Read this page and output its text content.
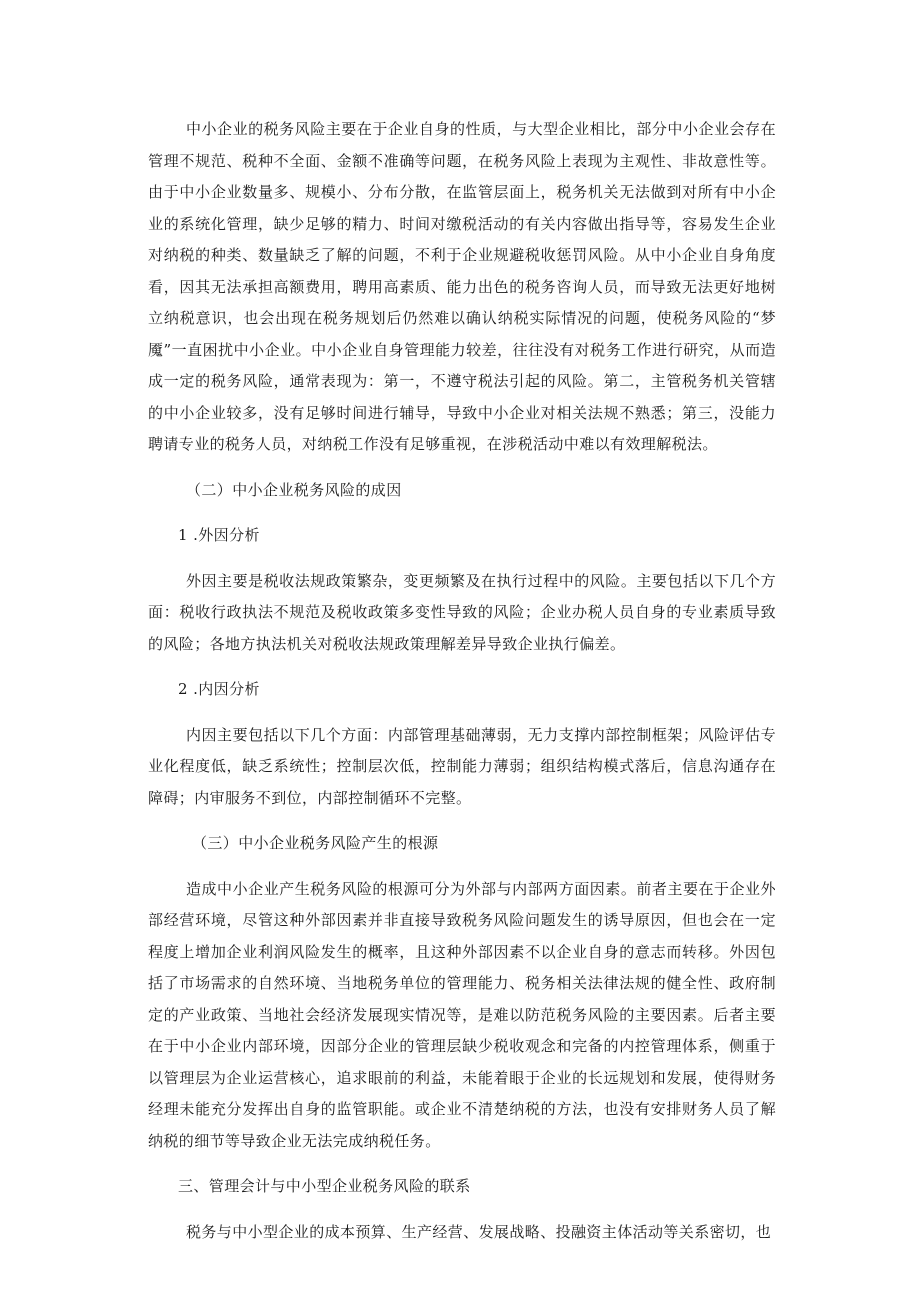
中小企业的税务风险主要在于企业自身的性质，与大型企业相比，部分中小企业会存在管理不规范、税种不全面、金额不准确等问题，在税务风险上表现为主观性、非故意性等。由于中小企业数量多、规模小、分布分散，在监管层面上，税务机关无法做到对所有中小企业的系统化管理，缺少足够的精力、时间对缴税活动的有关内容做出指导等，容易发生企业对纳税的种类、数量缺乏了解的问题，不利于企业规避税收惩罚风险。从中小企业自身角度看，因其无法承担高额费用，聘用高素质、能力出色的税务咨询人员，而导致无法更好地树立纳税意识，也会出现在税务规划后仍然难以确认纳税实际情况的问题，使税务风险的“梦魇”一直困扰中小企业。中小企业自身管理能力较差，往往没有对税务工作进行研究，从而造成一定的税务风险，通常表现为：第一，不遵守税法引起的风险。第二，主管税务机关管辖的中小企业较多，没有足够时间进行辅导，导致中小企业对相关法规不熟悉；第三，没能力聘请专业的税务人员，对纳税工作没有足够重视，在涉税活动中难以有效理解税法。

（二）中小企业税务风险的成因

1 .外因分析

外因主要是税收法规政策繁杂，变更频繁及在执行过程中的风险。主要包括以下几个方面：税收行政执法不规范及税收政策多变性导致的风险；企业办税人员自身的专业素质导致的风险；各地方执法机关对税收法规政策理解差异导致企业执行偏差。

2 .内因分析

内因主要包括以下几个方面：内部管理基础薄弱，无力支撑内部控制框架；风险评估专业化程度低，缺乏系统性；控制层次低，控制能力薄弱；组织结构模式落后，信息沟通存在障碍；内审服务不到位，内部控制循环不完整。

（三）中小企业税务风险产生的根源

造成中小企业产生税务风险的根源可分为外部与内部两方面因素。前者主要在于企业外部经营环境，尽管这种外部因素并非直接导致税务风险问题发生的诱导原因，但也会在一定程度上增加企业利润风险发生的概率，且这种外部因素不以企业自身的意志而转移。外因包括了市场需求的自然环境、当地税务单位的管理能力、税务相关法律法规的健全性、政府制定的产业政策、当地社会经济发展现实情况等，是难以防范税务风险的主要因素。后者主要在于中小企业内部环境，因部分企业的管理层缺少税收观念和完备的内控管理体系，侧重于以管理层为企业运营核心，追求眼前的利益，未能着眼于企业的长远规划和发展，使得财务经理未能充分发挥出自身的监管职能。或企业不清楚纳税的方法，也没有安排财务人员了解纳税的细节等导致企业无法完成纳税任务。

三、管理会计与中小型企业税务风险的联系

税务与中小型企业的成本预算、生产经营、发展战略、投融资主体活动等关系密切，也
